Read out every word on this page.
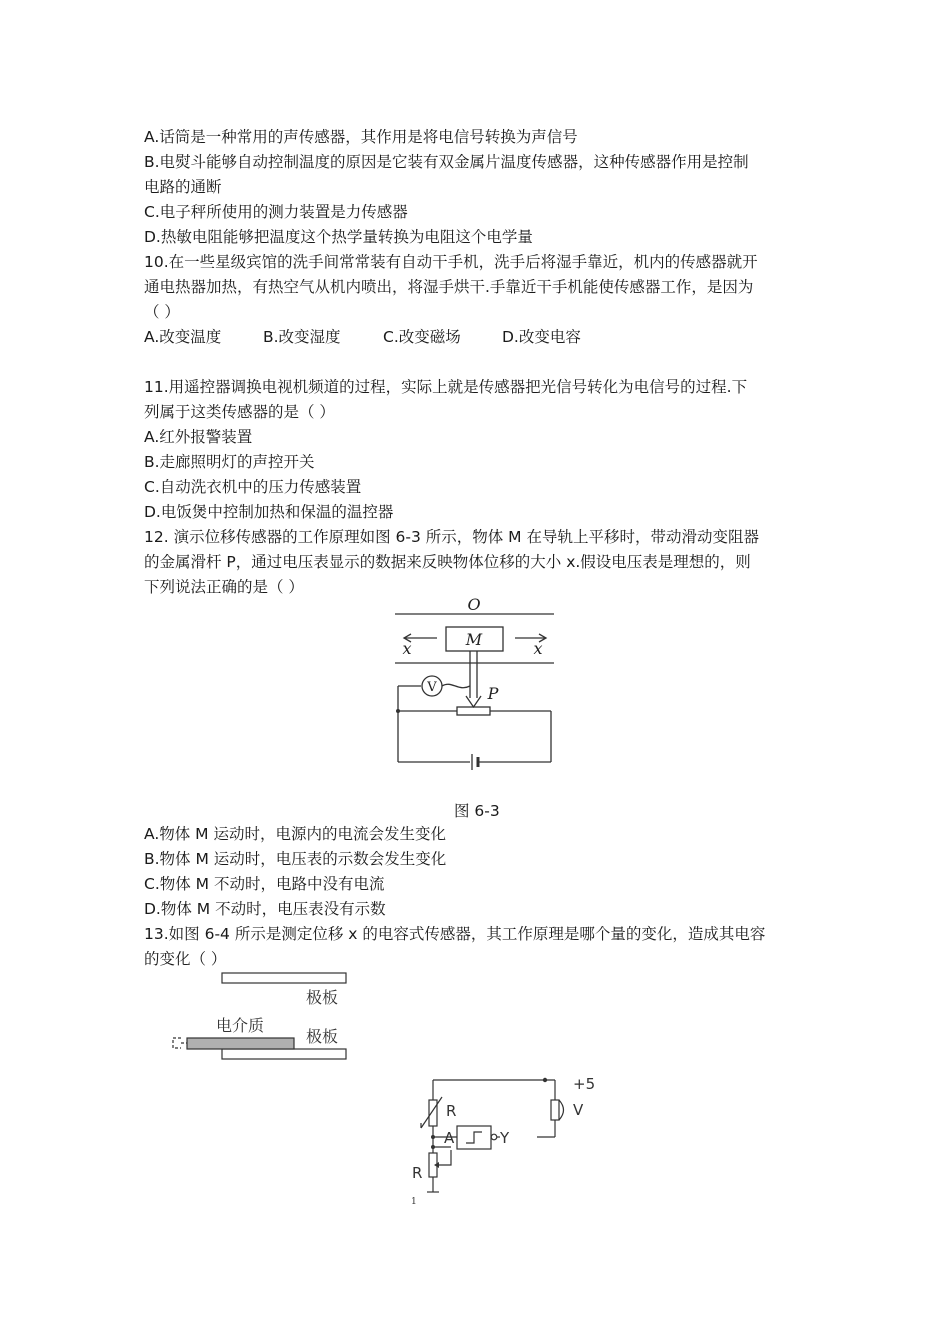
A.话筒是一种常用的声传感器，其作用是将电信号转换为声信号
B.电熨斗能够自动控制温度的原因是它装有双金属片温度传感器，这种传感器作用是控制
电路的通断
C.电子秤所使用的测力装置是力传感器
D.热敏电阻能够把温度这个热学量转换为电阻这个电学量
10.在一些星级宾馆的洗手间常常装有自动干手机，洗手后将湿手靠近，机内的传感器就开
通电热器加热，有热空气从机内喷出，将湿手烘干.手靠近干手机能使传感器工作，是因为
（ ）
A.改变温度	B.改变湿度	C.改变磁场	D.改变电容
11.用遥控器调换电视机频道的过程，实际上就是传感器把光信号转化为电信号的过程.下
列属于这类传感器的是（ ）
A.红外报警装置
B.走廊照明灯的声控开关
C.自动洗衣机中的压力传感装置
D.电饭煲中控制加热和保温的温控器
12. 演示位移传感器的工作原理如图 6-3 所示，物体 M 在导轨上平移时，带动滑动变阻器
的金属滑杆 P，通过电压表显示的数据来反映物体位移的大小 x.假设电压表是理想的，则
下列说法正确的是（ ）
O
M
x	x
V	P
图 6-3
A.物体 M 运动时，电源内的电流会发生变化
B.物体 M 运动时，电压表的示数会发生变化
C.物体 M 不动时，电路中没有电流
D.物体 M 不动时，电压表没有示数
13.如图 6-4 所示是测定位移 x 的电容式传感器，其工作原理是哪个量的变化，造成其电容
的变化（ ）
极板
电介质
极板
+5
V
R
A	Y
R
1
